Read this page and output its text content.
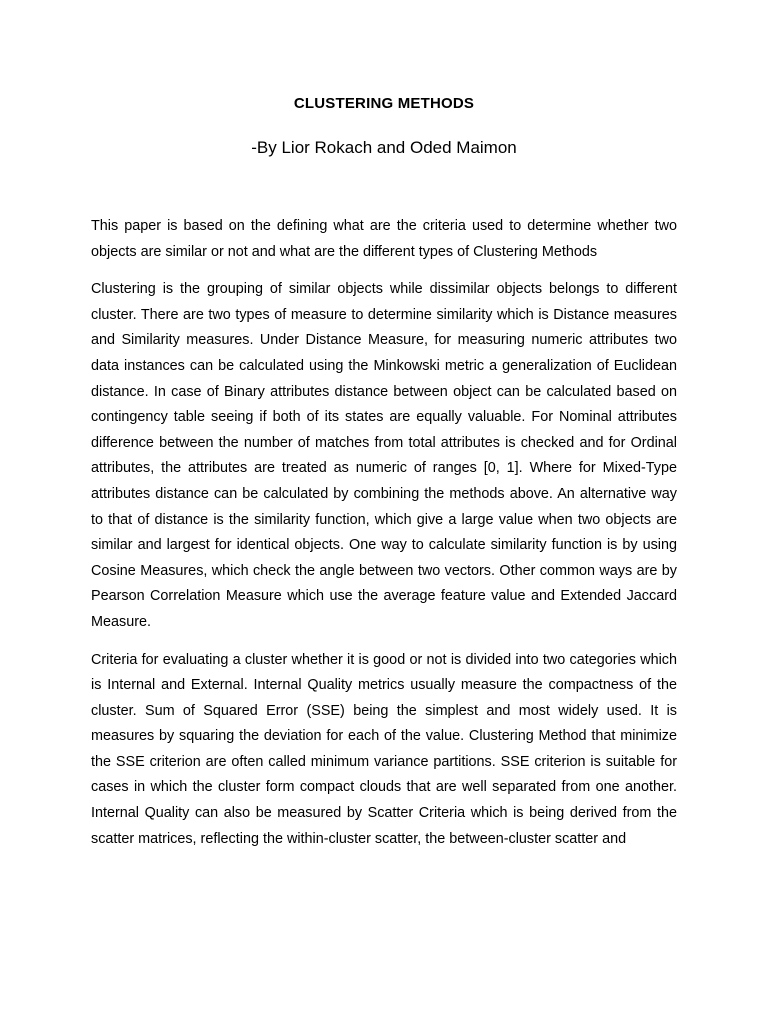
CLUSTERING METHODS
-By Lior Rokach and Oded Maimon

This paper is based on the defining what are the criteria used to determine whether two objects are similar or not and what are the different types of Clustering Methods

Clustering is the grouping of similar objects while dissimilar objects belongs to different cluster. There are two types of measure to determine similarity which is Distance measures and Similarity measures. Under Distance Measure, for measuring numeric attributes two data instances can be calculated using the Minkowski metric a generalization of Euclidean distance. In case of Binary attributes distance between object can be calculated based on contingency table seeing if both of its states are equally valuable. For Nominal attributes difference between the number of matches from total attributes is checked and for Ordinal attributes, the attributes are treated as numeric of ranges [0, 1]. Where for Mixed-Type attributes distance can be calculated by combining the methods above. An alternative way to that of distance is the similarity function, which give a large value when two objects are similar and largest for identical objects. One way to calculate similarity function is by using Cosine Measures, which check the angle between two vectors. Other common ways are by Pearson Correlation Measure which use the average feature value and Extended Jaccard Measure.

Criteria for evaluating a cluster whether it is good or not is divided into two categories which is Internal and External. Internal Quality metrics usually measure the compactness of the cluster. Sum of Squared Error (SSE) being the simplest and most widely used. It is measures by squaring the deviation for each of the value. Clustering Method that minimize the SSE criterion are often called minimum variance partitions. SSE criterion is suitable for cases in which the cluster form compact clouds that are well separated from one another. Internal Quality can also be measured by Scatter Criteria which is being derived from the scatter matrices, reflecting the within-cluster scatter, the between-cluster scatter and
